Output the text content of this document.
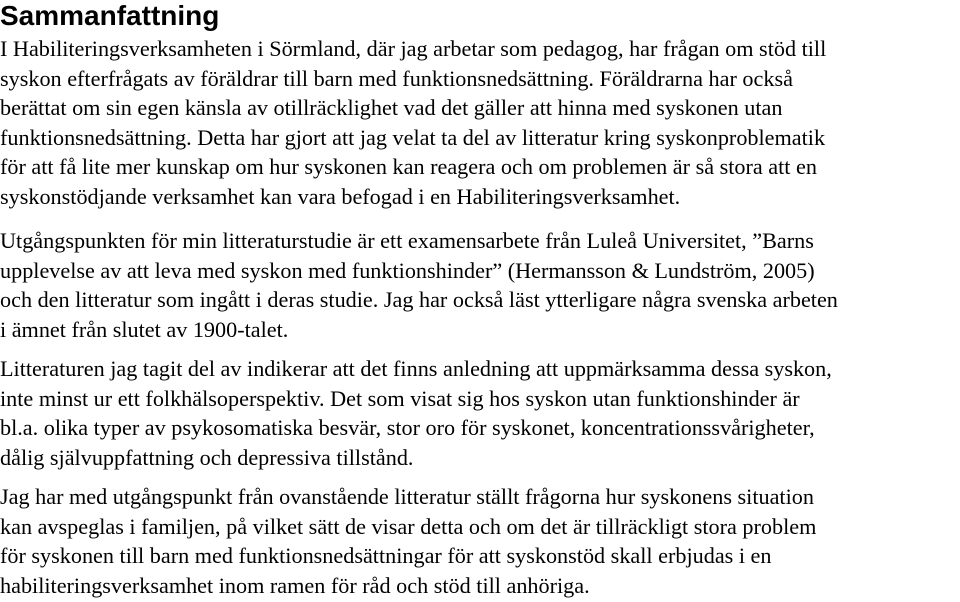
Sammanfattning

I Habiliteringsverksamheten i Sörmland, där jag arbetar som pedagog, har frågan om stöd till
syskon efterfrågats av föräldrar till barn med funktionsnedsättning. Föräldrarna har också
berättat om sin egen känsla av otillräcklighet vad det gäller att hinna med syskonen utan
funktionsnedsättning. Detta har gjort att jag velat ta del av litteratur kring syskonproblematik
för att få lite mer kunskap om hur syskonen kan reagera och om problemen är så stora att en
syskonstödjande verksamhet kan vara befogad i en Habiliteringsverksamhet.

Utgångspunkten för min litteraturstudie är ett examensarbete från Luleå Universitet, ”Barns
upplevelse av att leva med syskon med funktionshinder” (Hermansson & Lundström, 2005)
och den litteratur som ingått i deras studie. Jag har också läst ytterligare några svenska arbeten
i ämnet från slutet av 1900-talet.

Litteraturen jag tagit del av indikerar att det finns anledning att uppmärksamma dessa syskon,
inte minst ur ett folkhälsoperspektiv. Det som visat sig hos syskon utan funktionshinder är
bl.a. olika typer av psykosomatiska besvär, stor oro för syskonet, koncentrationssvårigheter,
dålig självuppfattning och depressiva tillstånd.

Jag har med utgångspunkt från ovanstående litteratur ställt frågorna hur syskonens situation
kan avspeglas i familjen, på vilket sätt de visar detta och om det är tillräckligt stora problem
för syskonen till barn med funktionsnedsättningar för att syskonstöd skall erbjudas i en
habiliteringsverksamhet inom ramen för råd och stöd till anhöriga.
